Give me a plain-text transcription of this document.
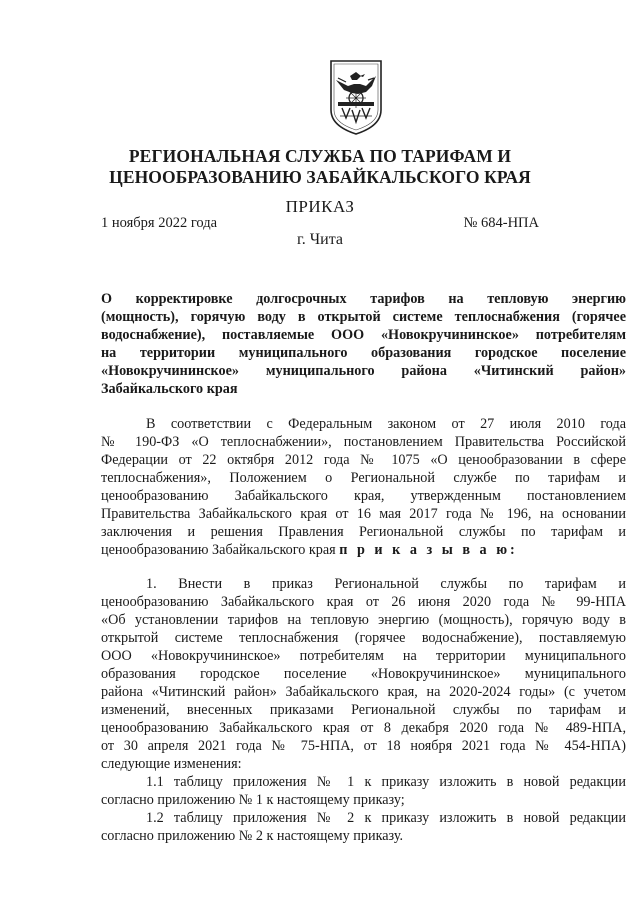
РЕГИОНАЛЬНАЯ СЛУЖБА ПО ТАРИФАМ И
ЦЕНООБРАЗОВАНИЮ ЗАБАЙКАЛЬСКОГО КРАЯ
ПРИКАЗ
1 ноября 2022 года	№ 684-НПА
г. Чита
О корректировке долгосрочных тарифов на тепловую энергию
(мощность), горячую воду в открытой системе теплоснабжения (горячее
водоснабжение), поставляемые ООО «Новокручининское» потребителям
на территории муниципального образования городское поселение
«Новокручининское» муниципального района «Читинский район»
Забайкальского края
В соответствии с Федеральным законом от 27 июля 2010 года
№ 190-ФЗ «О теплоснабжении», постановлением Правительства Российской
Федерации от 22 октября 2012 года № 1075 «О ценообразовании в сфере
теплоснабжения», Положением о Региональной службе по тарифам и
ценообразованию Забайкальского края, утвержденным постановлением
Правительства Забайкальского края от 16 мая 2017 года № 196, на основании
заключения и решения Правления Региональной службы по тарифам и
ценообразованию Забайкальского края п р и к а з ы в а ю:
1. Внести в приказ Региональной службы по тарифам и
ценообразованию Забайкальского края от 26 июня 2020 года № 99-НПА
«Об установлении тарифов на тепловую энергию (мощность), горячую воду в
открытой системе теплоснабжения (горячее водоснабжение), поставляемую
ООО «Новокручининское» потребителям на территории муниципального
образования городское поселение «Новокручининское» муниципального
района «Читинский район» Забайкальского края, на 2020-2024 годы» (с учетом
изменений, внесенных приказами Региональной службы по тарифам и
ценообразованию Забайкальского края от 8 декабря 2020 года № 489-НПА,
от 30 апреля 2021 года № 75-НПА, от 18 ноября 2021 года № 454-НПА)
следующие изменения:
1.1 таблицу приложения № 1 к приказу изложить в новой редакции
согласно приложению № 1 к настоящему приказу;
1.2 таблицу приложения № 2 к приказу изложить в новой редакции
согласно приложению № 2 к настоящему приказу.
